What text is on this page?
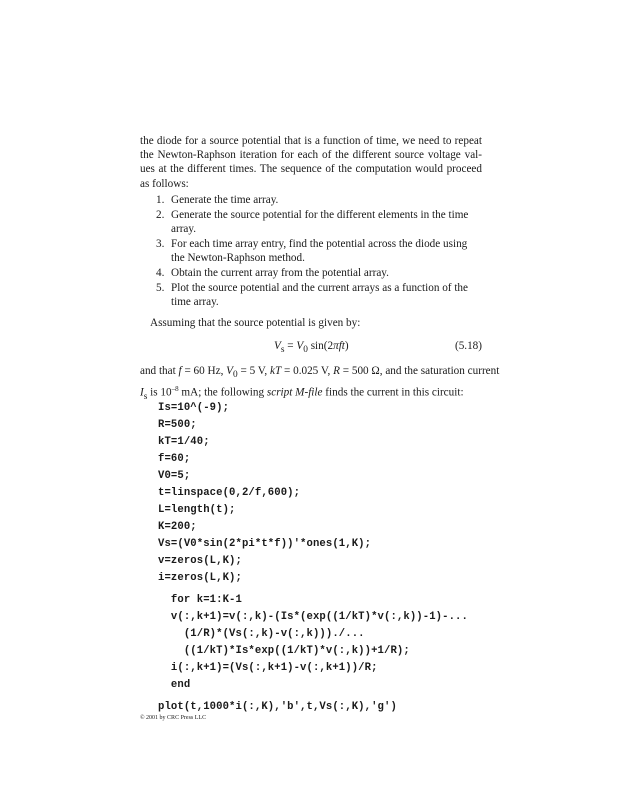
the diode for a source potential that is a function of time, we need to repeat
the Newton-Raphson iteration for each of the different source voltage val-
ues at the different times. The sequence of the computation would proceed
as follows:
1. Generate the time array.
2. Generate the source potential for the different elements in the time array.
3. For each time array entry, find the potential across the diode using the Newton-Raphson method.
4. Obtain the current array from the potential array.
5. Plot the source potential and the current arrays as a function of the time array.
Assuming that the source potential is given by:
$V_s = V_0$ sin(2πft)	(5.18)
and that f = 60 Hz, $V_0 = 5$ V, kT = 0.025 V, R = 500 Ω, and the saturation current
$I_s$ is $10^{-8}$ mA; the following script M-file finds the current in this circuit:
Is=10^(-9);
R=500;
kT=1/40;
f=60;
V0=5;
t=linspace(0,2/f,600);
L=length(t);
K=200;
Vs=(V0*sin(2*pi*t*f))'*ones(1,K);
v=zeros(L,K);
i=zeros(L,K);
for k=1:K-1
v(:,k+1)=v(:,k)-(Is*(exp((1/kT)*v(:,k))-1)-...
(1/R)*(Vs(:,k)-v(:,k)))./...
((1/kT)*Is*exp((1/kT)*v(:,k))+1/R);
i(:,k+1)=(Vs(:,k+1)-v(:,k+1))/R;
end
plot(t,1000*i(:,K),'b',t,Vs(:,K),'g')
© 2001 by CRC Press LLC
